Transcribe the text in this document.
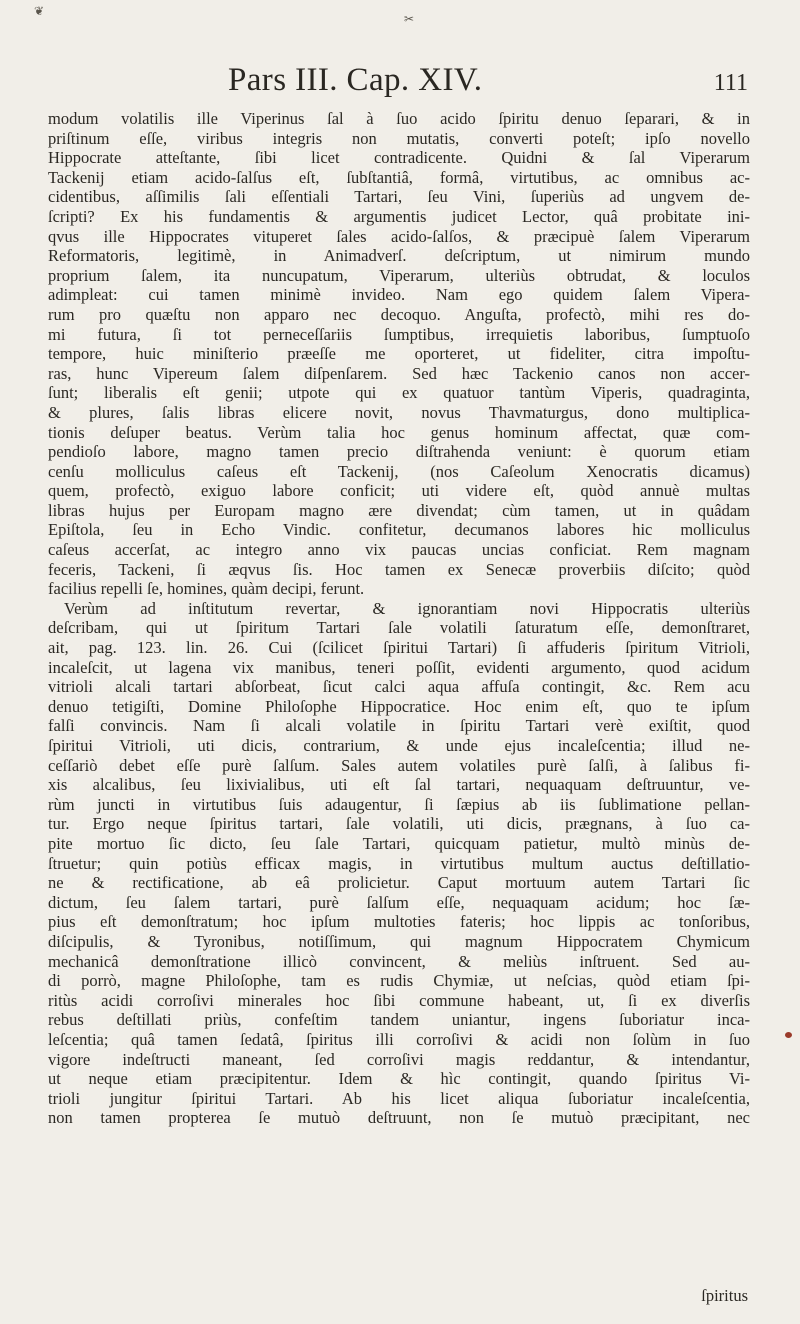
❦
✂
Pars III. Cap. XIV.	111
modum volatilis ille Viperinus ſal à ſuo acido ſpiritu denuo ſeparari, & in
priſtinum eſſe, viribus integris non mutatis, converti poteſt; ipſo novello
Hippocrate atteſtante, ſibi licet contradicente. Quidni & ſal Viperarum
Tackenij etiam acido-ſalſus eſt, ſubſtantiâ, formâ, virtutibus, ac omnibus ac-
cidentibus, aſſimilis ſali eſſentiali Tartari, ſeu Vini, ſuperiùs ad ungvem de-
ſcripti? Ex his fundamentis & argumentis judicet Lector, quâ probitate ini-
qvus ille Hippocrates vituperet ſales acido-ſalſos, & præcipuè ſalem Viperarum
Reformatoris, legitimè, in Animadverſ. deſcriptum, ut nimirum mundo
proprium ſalem, ita nuncupatum, Viperarum, ulteriùs obtrudat, & loculos
adimpleat: cui tamen minimè invideo. Nam ego quidem ſalem Vipera-
rum pro quæſtu non apparo nec decoquo. Anguſta, profectò, mihi res do-
mi futura, ſi tot perneceſſariis ſumptibus, irrequietis laboribus, ſumptuoſo
tempore, huic miniſterio præeſſe me oporteret, ut fideliter, citra impoſtu-
ras, hunc Vipereum ſalem diſpenſarem. Sed hæc Tackenio canos non accer-
ſunt; liberalis eſt genii; utpote qui ex quatuor tantùm Viperis, quadraginta,
& plures, ſalis libras elicere novit, novus Thavmaturgus, dono multiplica-
tionis deſuper beatus. Verùm talia hoc genus hominum affectat, quæ com-
pendioſo labore, magno tamen precio diſtrahenda veniunt: è quorum etiam
cenſu molliculus caſeus eſt Tackenij, (nos Caſeolum Xenocratis dicamus)
quem, profectò, exiguo labore conficit; uti videre eſt, quòd annuè multas
libras hujus per Europam magno ære divendat; cùm tamen, ut in quâdam
Epiſtola, ſeu in Echo Vindic. confitetur, decumanos labores hic molliculus
caſeus accerſat, ac integro anno vix paucas uncias conficiat. Rem magnam
feceris, Tackeni, ſi æqvus ſis. Hoc tamen ex Senecæ proverbiis diſcito; quòd
facilius repelli ſe, homines, quàm decipi, ferunt.
Verùm ad inſtitutum revertar, & ignorantiam novi Hippocratis ulteriùs
deſcribam, qui ut ſpiritum Tartari ſale volatili ſaturatum eſſe, demonſtraret,
ait, pag. 123. lin. 26. Cui (ſcilicet ſpiritui Tartari) ſi affuderis ſpiritum Vitrioli,
incaleſcit, ut lagena vix manibus, teneri poſſit, evidenti argumento, quod acidum
vitrioli alcali tartari abſorbeat, ſicut calci aqua affuſa contingit, &c. Rem acu
denuo tetigiſti, Domine Philoſophe Hippocratice. Hoc enim eſt, quo te ipſum
falſi convincis. Nam ſi alcali volatile in ſpiritu Tartari verè exiſtit, quod
ſpiritui Vitrioli, uti dicis, contrarium, & unde ejus incaleſcentia; illud ne-
ceſſariò debet eſſe purè ſalſum. Sales autem volatiles purè ſalſi, à ſalibus fi-
xis alcalibus, ſeu lixivialibus, uti eſt ſal tartari, nequaquam deſtruuntur, ve-
rùm juncti in virtutibus ſuis adaugentur, ſi ſæpius ab iis ſublimatione pellan-
tur. Ergo neque ſpiritus tartari, ſale volatili, uti dicis, prægnans, à ſuo ca-
pite mortuo ſic dicto, ſeu ſale Tartari, quicquam patietur, multò minùs de-
ſtruetur; quin potiùs efficax magis, in virtutibus multum auctus deſtillatio-
ne & rectificatione, ab eâ prolicietur. Caput mortuum autem Tartari ſic
dictum, ſeu ſalem tartari, purè ſalſum eſſe, nequaquam acidum; hoc ſæ-
pius eſt demonſtratum; hoc ipſum multoties fateris; hoc lippis ac tonſoribus,
diſcipulis, & Tyronibus, notiſſimum, qui magnum Hippocratem Chymicum
mechanicâ demonſtratione illicò convincent, & meliùs inſtruent. Sed au-
di porrò, magne Philoſophe, tam es rudis Chymiæ, ut neſcias, quòd etiam ſpi-
ritùs acidi corroſivi minerales hoc ſibi commune habeant, ut, ſi ex diverſis
rebus deſtillati priùs, confeſtim tandem uniantur, ingens ſuboriatur inca-
leſcentia; quâ tamen ſedatâ, ſpiritus illi corroſivi & acidi non ſolùm in ſuo
vigore indeſtructi maneant, ſed corroſivi magis reddantur, & intendantur,
ut neque etiam præcipitentur. Idem & hìc contingit, quando ſpiritus Vi-
trioli jungitur ſpiritui Tartari. Ab his licet aliqua ſuboriatur incaleſcentia,
non tamen propterea ſe mutuò deſtruunt, non ſe mutuò præcipitant, nec
ſpiritus
